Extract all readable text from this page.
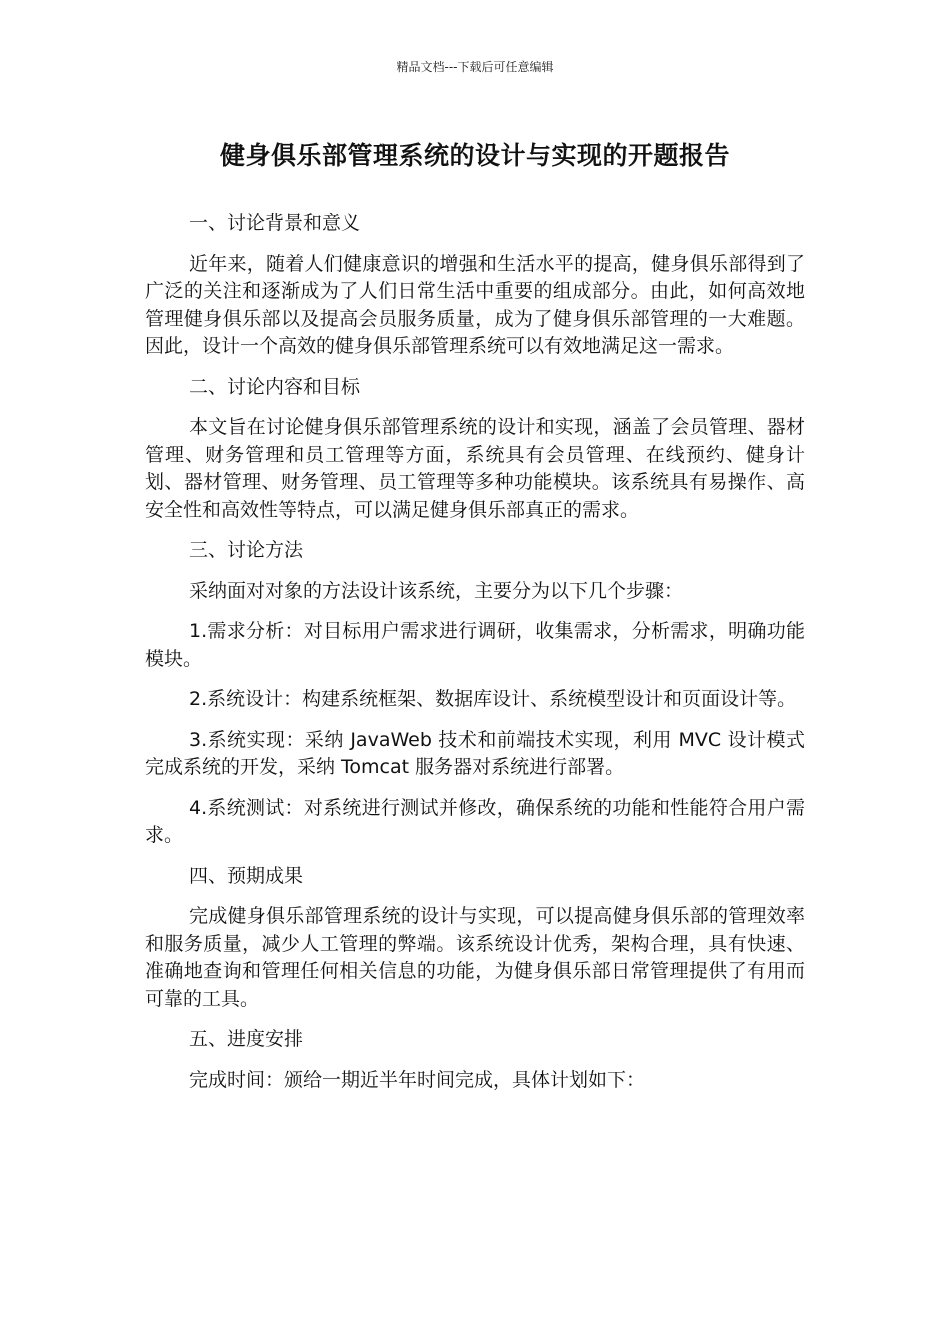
精品文档---下载后可任意编辑
健身俱乐部管理系统的设计与实现的开题报告

一、讨论背景和意义

近年来，随着人们健康意识的增强和生活水平的提高，健身俱乐部得到了广泛的关注和逐渐成为了人们日常生活中重要的组成部分。由此，如何高效地管理健身俱乐部以及提高会员服务质量，成为了健身俱乐部管理的一大难题。因此，设计一个高效的健身俱乐部管理系统可以有效地满足这一需求。

二、讨论内容和目标

本文旨在讨论健身俱乐部管理系统的设计和实现，涵盖了会员管理、器材管理、财务管理和员工管理等方面，系统具有会员管理、在线预约、健身计划、器材管理、财务管理、员工管理等多种功能模块。该系统具有易操作、高安全性和高效性等特点，可以满足健身俱乐部真正的需求。

三、讨论方法

采纳面对对象的方法设计该系统，主要分为以下几个步骤：

1.需求分析：对目标用户需求进行调研，收集需求，分析需求，明确功能模块。

2.系统设计：构建系统框架、数据库设计、系统模型设计和页面设计等。

3.系统实现：采纳 JavaWeb 技术和前端技术实现，利用 MVC 设计模式完成系统的开发，采纳 Tomcat 服务器对系统进行部署。

4.系统测试：对系统进行测试并修改，确保系统的功能和性能符合用户需求。

四、预期成果

完成健身俱乐部管理系统的设计与实现，可以提高健身俱乐部的管理效率和服务质量，减少人工管理的弊端。该系统设计优秀，架构合理，具有快速、准确地查询和管理任何相关信息的功能，为健身俱乐部日常管理提供了有用而可靠的工具。

五、进度安排

完成时间：颁给一期近半年时间完成，具体计划如下：
